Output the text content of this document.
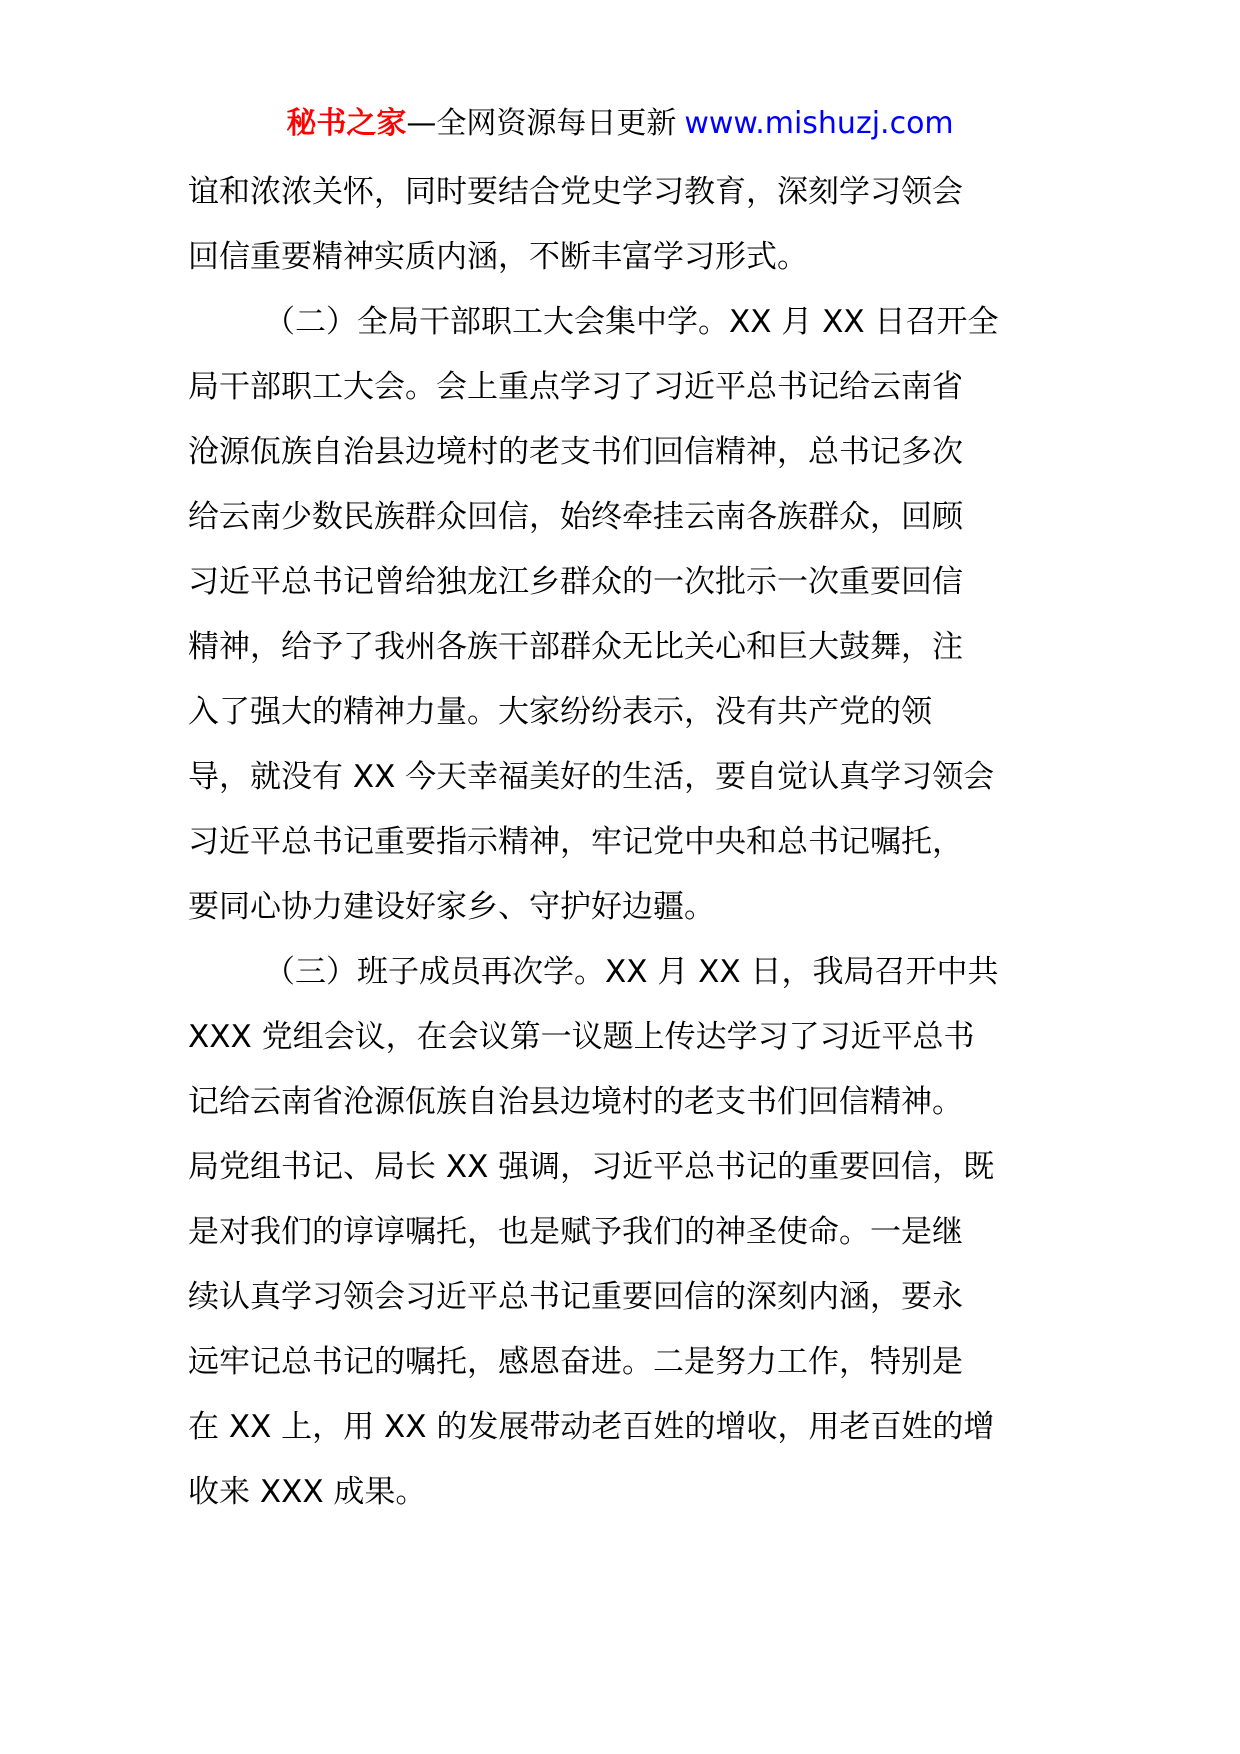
秘书之家—全网资源每日更新 www.mishuzj.com

谊和浓浓关怀，同时要结合党史学习教育，深刻学习领会

回信重要精神实质内涵，不断丰富学习形式。

（二）全局干部职工大会集中学。XX 月 XX 日召开全

局干部职工大会。会上重点学习了习近平总书记给云南省

沧源佤族自治县边境村的老支书们回信精神，总书记多次

给云南少数民族群众回信，始终牵挂云南各族群众，回顾

习近平总书记曾给独龙江乡群众的一次批示一次重要回信

精神，给予了我州各族干部群众无比关心和巨大鼓舞，注

入了强大的精神力量。大家纷纷表示，没有共产党的领

导，就没有 XX 今天幸福美好的生活，要自觉认真学习领会

习近平总书记重要指示精神，牢记党中央和总书记嘱托，

要同心协力建设好家乡、守护好边疆。

（三）班子成员再次学。XX 月 XX 日，我局召开中共

XXX 党组会议，在会议第一议题上传达学习了习近平总书

记给云南省沧源佤族自治县边境村的老支书们回信精神。

局党组书记、局长 XX 强调，习近平总书记的重要回信，既

是对我们的谆谆嘱托，也是赋予我们的神圣使命。一是继

续认真学习领会习近平总书记重要回信的深刻内涵，要永

远牢记总书记的嘱托，感恩奋进。二是努力工作，特别是

在 XX 上，用 XX 的发展带动老百姓的增收，用老百姓的增

收来 XXX 成果。
